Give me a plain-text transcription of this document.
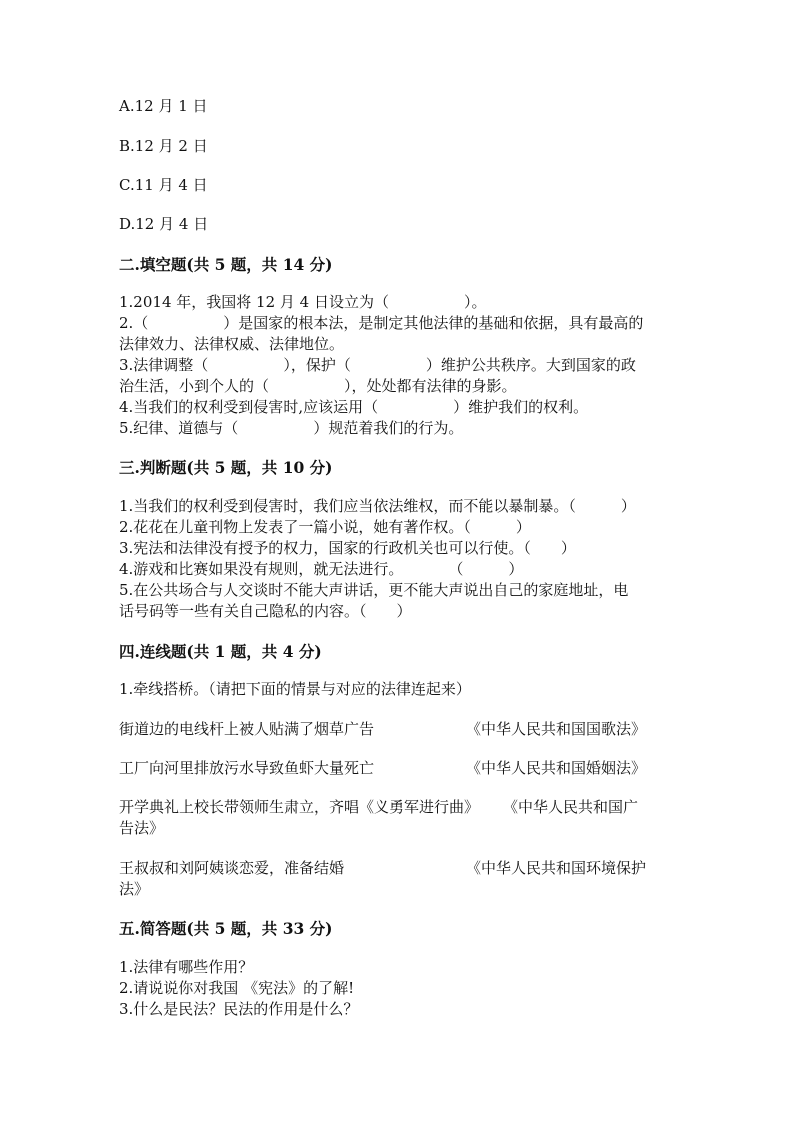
A.12 月 1 日
B.12 月 2 日
C.11 月 4 日
D.12 月 4 日
二.填空题(共 5 题，共 14 分)
1.2014 年，我国将 12 月 4 日设立为（　　　　　）。
2.（　　　　　）是国家的根本法，是制定其他法律的基础和依据，具有最高的
法律效力、法律权威、法律地位。
3.法律调整（　　　　　），保护（　　　　　）维护公共秩序。大到国家的政
治生活，小到个人的（　　　　　），处处都有法律的身影。
4.当我们的权利受到侵害时,应该运用（　　　　　）维护我们的权利。
5.纪律、道德与（　　　　　）规范着我们的行为。
三.判断题(共 5 题，共 10 分)
1.当我们的权利受到侵害时，我们应当依法维权，而不能以暴制暴。（　　　）
2.花花在儿童刊物上发表了一篇小说，她有著作权。（　　　）
3.宪法和法律没有授予的权力，国家的行政机关也可以行使。（　　）
4.游戏和比赛如果没有规则，就无法进行。　　　　（　　　）
5.在公共场合与人交谈时不能大声讲话，更不能大声说出自己的家庭地址，电
话号码等一些有关自己隐私的内容。（　　）
四.连线题(共 1 题，共 4 分)
1.牵线搭桥。（请把下面的情景与对应的法律连起来）
街道边的电线杆上被人贴满了烟草广告	《中华人民共和国国歌法》
工厂向河里排放污水导致鱼虾大量死亡	《中华人民共和国婚姻法》
开学典礼上校长带领师生肃立，齐唱《义勇军进行曲》 《中华人民共和国广
告法》
王叔叔和刘阿姨谈恋爱，准备结婚	《中华人民共和国环境保护
法》
五.简答题(共 5 题，共 33 分)
1.法律有哪些作用？
2.请说说你对我国 《宪法》的了解!
3.什么是民法？民法的作用是什么？
